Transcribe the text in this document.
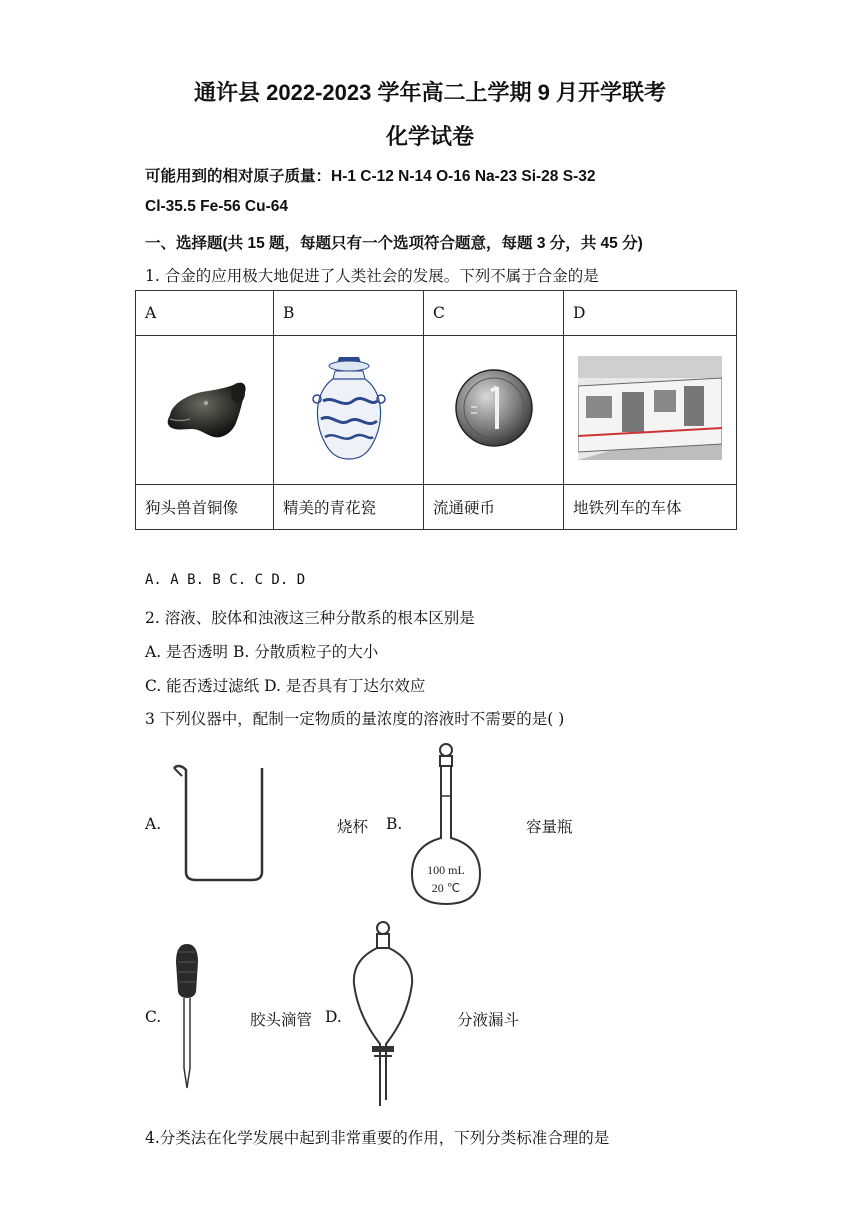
通许县 2022-2023 学年高二上学期 9 月开学联考
化学试卷
可能用到的相对原子质量：H-1 C-12 N-14 O-16 Na-23 Si-28 S-32
Cl-35.5 Fe-56 Cu-64
一、选择题(共 15 题，每题只有一个选项符合题意，每题 3 分，共 45 分)
1. 合金的应用极大地促进了人类社会的发展。下列不属于合金的是
A	B	C	D

狗头兽首铜像	精美的青花瓷	流通硬币	地铁列车的车体
A. A B. B C. C D. D
2. 溶液、胶体和浊液这三种分散系的根本区别是
A. 是否透明 B. 分散质粒子的大小
C. 能否透过滤纸 D. 是否具有丁达尔效应
3 下列仪器中，配制一定物质的量浓度的溶液时不需要的是( )
A.	烧杯 B.
100 mL
20 ℃
容量瓶
C.	胶头滴管 D.	分液漏斗
4.分类法在化学发展中起到非常重要的作用，下列分类标准合理的是
